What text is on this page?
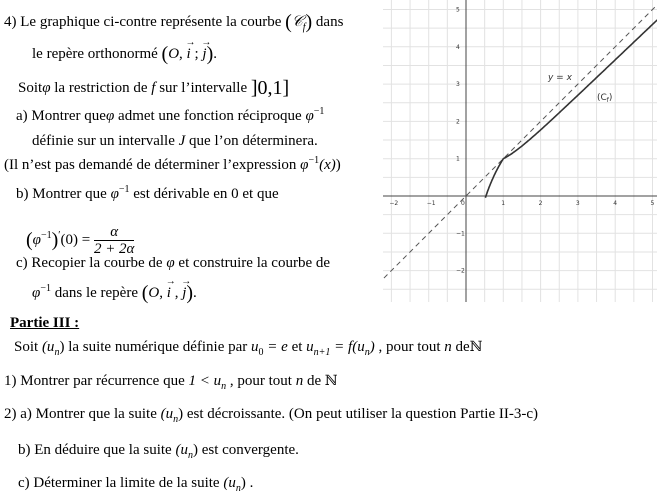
4) Le graphique ci-contre représente la courbe (𝒞$_f$) dans
le repère orthonormé (O, → i ; → j).
Soitφ la restriction de f sur l’intervalle ]0,1]
a) Montrer queφ admet une fonction réciproque $\varphi^{-1}$
définie sur un intervalle J que l’on déterminera.
(Il n’est pas demandé de déterminer l’expression $\varphi^{-1}(x)$)
b) Montrer que $\varphi^{-1}$ est dérivable en 0 et que
$(\varphi^{-1})'(0) = \frac{\alpha}{2 + 2\alpha}$
c) Recopier la courbe de φ et construire la courbe de
$\varphi^{-1}$ dans le repère (O, → i , → j).
−2	−1	0	1	2	3	4	5
5
4
3
2
1
−1
−2
y = x
$(C_f)$
Partie III :
Soit $(u_n)$ la suite numérique définie par $u_0 = e$ et $u_{n+1} = f(u_n)$ , pour tout n deℕ
1) Montrer par récurrence que $1 < u_n$ , pour tout n de ℕ
2) a) Montrer que la suite $(u_n)$ est décroissante. (On peut utiliser la question Partie II-3-c)
b) En déduire que la suite $(u_n)$ est convergente.
c) Déterminer la limite de la suite $(u_n)$ .
